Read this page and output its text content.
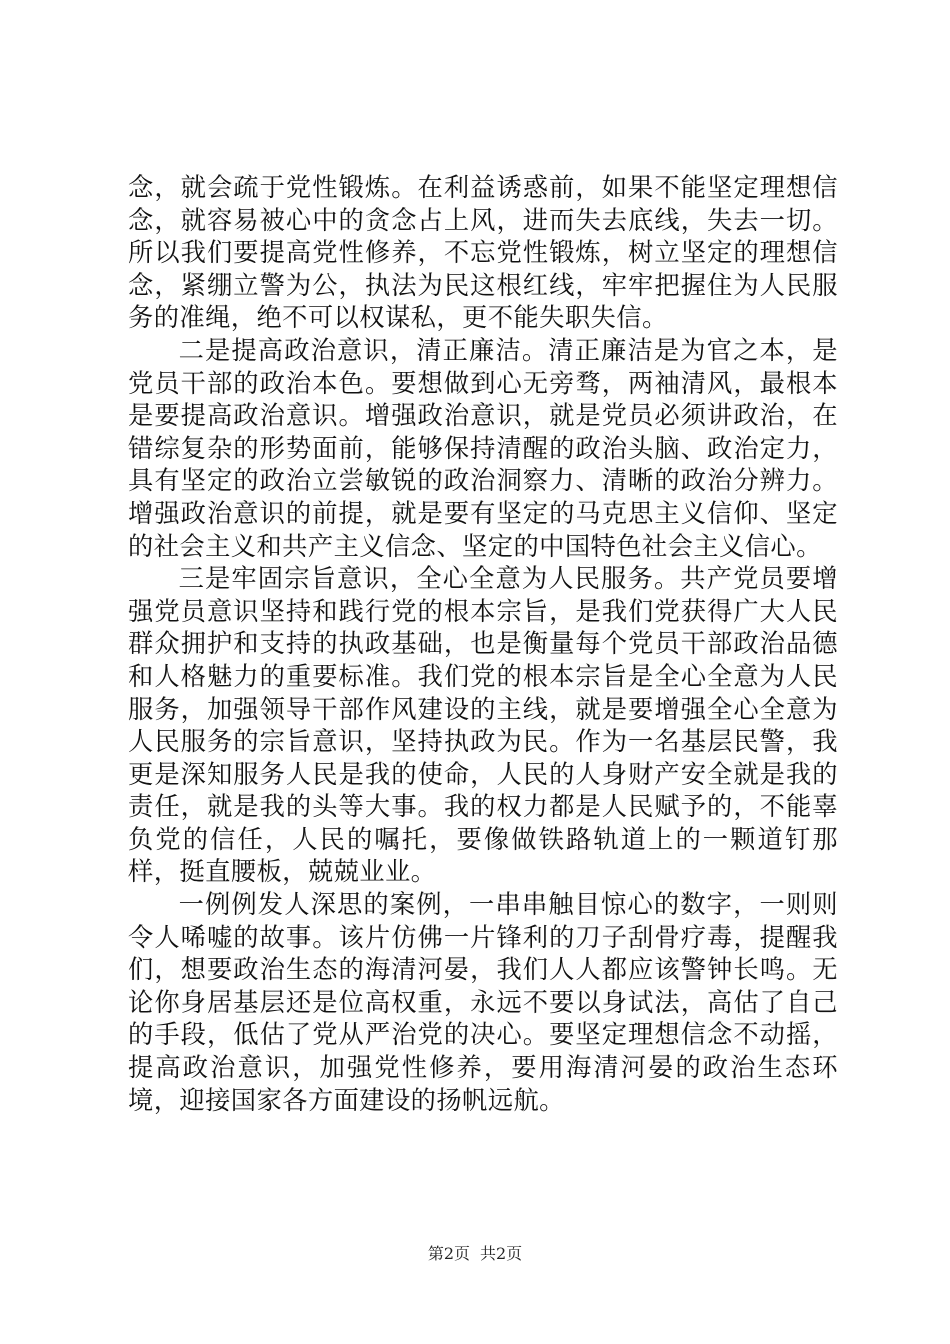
念，就会疏于党性锻炼。在利益诱惑前，如果不能坚定理想信念，就容易被心中的贪念占上风，进而失去底线，失去一切。所以我们要提高党性修养，不忘党性锻炼，树立坚定的理想信念，紧绷立警为公，执法为民这根红线，牢牢把握住为人民服务的准绳，绝不可以权谋私，更不能失职失信。

二是提高政治意识，清正廉洁。清正廉洁是为官之本，是党员干部的政治本色。要想做到心无旁骛，两袖清风，最根本是要提高政治意识。增强政治意识，就是党员必须讲政治，在错综复杂的形势面前，能够保持清醒的政治头脑、政治定力，具有坚定的政治立尝敏锐的政治洞察力、清晰的政治分辨力。增强政治意识的前提，就是要有坚定的马克思主义信仰、坚定的社会主义和共产主义信念、坚定的中国特色社会主义信心。

三是牢固宗旨意识，全心全意为人民服务。共产党员要增强党员意识坚持和践行党的根本宗旨，是我们党获得广大人民群众拥护和支持的执政基础，也是衡量每个党员干部政治品德和人格魅力的重要标准。我们党的根本宗旨是全心全意为人民服务，加强领导干部作风建设的主线，就是要增强全心全意为人民服务的宗旨意识，坚持执政为民。作为一名基层民警，我更是深知服务人民是我的使命，人民的人身财产安全就是我的责任，就是我的头等大事。我的权力都是人民赋予的，不能辜负党的信任，人民的嘱托，要像做铁路轨道上的一颗道钉那样，挺直腰板，兢兢业业。

一例例发人深思的案例，一串串触目惊心的数字，一则则令人唏嘘的故事。该片仿佛一片锋利的刀子刮骨疗毒，提醒我们，想要政治生态的海清河晏，我们人人都应该警钟长鸣。无论你身居基层还是位高权重，永远不要以身试法，高估了自己的手段，低估了党从严治党的决心。要坚定理想信念不动摇，提高政治意识，加强党性修养，要用海清河晏的政治生态环境，迎接国家各方面建设的扬帆远航。

第2页 共2页
